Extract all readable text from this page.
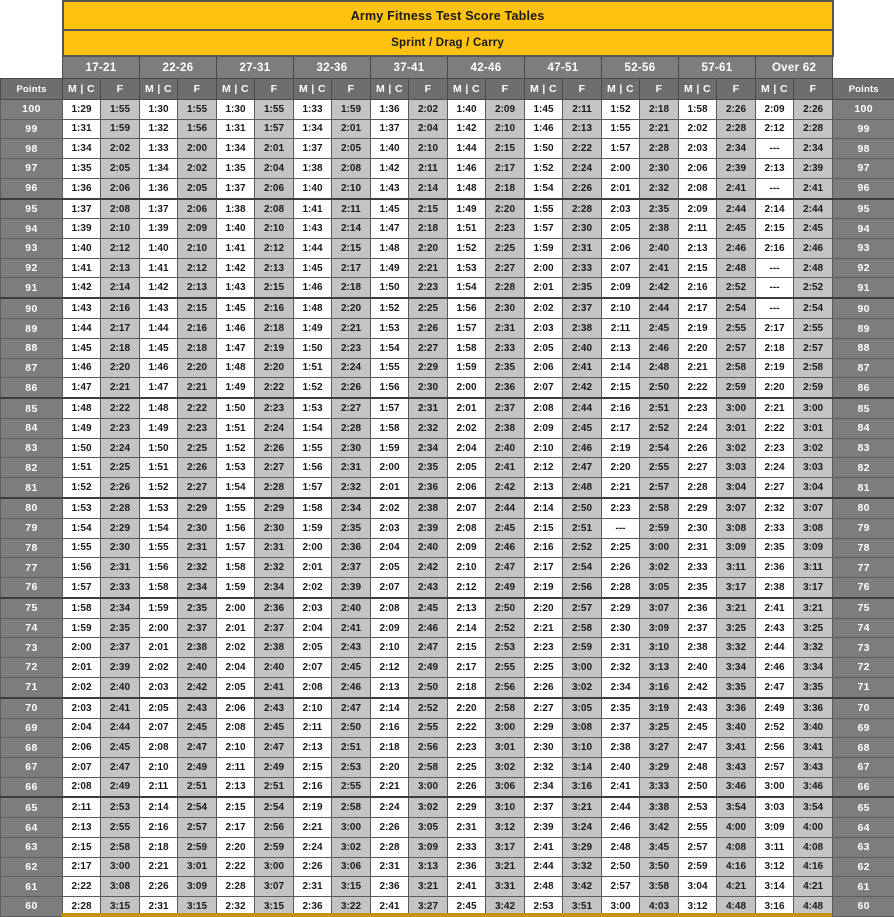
	Army Fitness Test Score Tables																				
	Sprint / Drag / Carry																				
	17-21		22-26		27-31		32-36		37-41		42-46		47-51		52-56		57-61		Over 62		
Points	M | C	F	M | C	F	M | C	F	M | C	F	M | C	F	M | C	F	M | C	F	M | C	F	M | C	F	M | C	F	Points
100	1:29	1:55	1:30	1:55	1:30	1:55	1:33	1:59	1:36	2:02	1:40	2:09	1:45	2:11	1:52	2:18	1:58	2:26	2:09	2:26	100
99	1:31	1:59	1:32	1:56	1:31	1:57	1:34	2:01	1:37	2:04	1:42	2:10	1:46	2:13	1:55	2:21	2:02	2:28	2:12	2:28	99
98	1:34	2:02	1:33	2:00	1:34	2:01	1:37	2:05	1:40	2:10	1:44	2:15	1:50	2:22	1:57	2:28	2:03	2:34	---	2:34	98
97	1:35	2:05	1:34	2:02	1:35	2:04	1:38	2:08	1:42	2:11	1:46	2:17	1:52	2:24	2:00	2:30	2:06	2:39	2:13	2:39	97
96	1:36	2:06	1:36	2:05	1:37	2:06	1:40	2:10	1:43	2:14	1:48	2:18	1:54	2:26	2:01	2:32	2:08	2:41	---	2:41	96
95	1:37	2:08	1:37	2:06	1:38	2:08	1:41	2:11	1:45	2:15	1:49	2:20	1:55	2:28	2:03	2:35	2:09	2:44	2:14	2:44	95
94	1:39	2:10	1:39	2:09	1:40	2:10	1:43	2:14	1:47	2:18	1:51	2:23	1:57	2:30	2:05	2:38	2:11	2:45	2:15	2:45	94
93	1:40	2:12	1:40	2:10	1:41	2:12	1:44	2:15	1:48	2:20	1:52	2:25	1:59	2:31	2:06	2:40	2:13	2:46	2:16	2:46	93
92	1:41	2:13	1:41	2:12	1:42	2:13	1:45	2:17	1:49	2:21	1:53	2:27	2:00	2:33	2:07	2:41	2:15	2:48	---	2:48	92
91	1:42	2:14	1:42	2:13	1:43	2:15	1:46	2:18	1:50	2:23	1:54	2:28	2:01	2:35	2:09	2:42	2:16	2:52	---	2:52	91
90	1:43	2:16	1:43	2:15	1:45	2:16	1:48	2:20	1:52	2:25	1:56	2:30	2:02	2:37	2:10	2:44	2:17	2:54	---	2:54	90
89	1:44	2:17	1:44	2:16	1:46	2:18	1:49	2:21	1:53	2:26	1:57	2:31	2:03	2:38	2:11	2:45	2:19	2:55	2:17	2:55	89
88	1:45	2:18	1:45	2:18	1:47	2:19	1:50	2:23	1:54	2:27	1:58	2:33	2:05	2:40	2:13	2:46	2:20	2:57	2:18	2:57	88
87	1:46	2:20	1:46	2:20	1:48	2:20	1:51	2:24	1:55	2:29	1:59	2:35	2:06	2:41	2:14	2:48	2:21	2:58	2:19	2:58	87
86	1:47	2:21	1:47	2:21	1:49	2:22	1:52	2:26	1:56	2:30	2:00	2:36	2:07	2:42	2:15	2:50	2:22	2:59	2:20	2:59	86
85	1:48	2:22	1:48	2:22	1:50	2:23	1:53	2:27	1:57	2:31	2:01	2:37	2:08	2:44	2:16	2:51	2:23	3:00	2:21	3:00	85
84	1:49	2:23	1:49	2:23	1:51	2:24	1:54	2:28	1:58	2:32	2:02	2:38	2:09	2:45	2:17	2:52	2:24	3:01	2:22	3:01	84
83	1:50	2:24	1:50	2:25	1:52	2:26	1:55	2:30	1:59	2:34	2:04	2:40	2:10	2:46	2:19	2:54	2:26	3:02	2:23	3:02	83
82	1:51	2:25	1:51	2:26	1:53	2:27	1:56	2:31	2:00	2:35	2:05	2:41	2:12	2:47	2:20	2:55	2:27	3:03	2:24	3:03	82
81	1:52	2:26	1:52	2:27	1:54	2:28	1:57	2:32	2:01	2:36	2:06	2:42	2:13	2:48	2:21	2:57	2:28	3:04	2:27	3:04	81
80	1:53	2:28	1:53	2:29	1:55	2:29	1:58	2:34	2:02	2:38	2:07	2:44	2:14	2:50	2:23	2:58	2:29	3:07	2:32	3:07	80
79	1:54	2:29	1:54	2:30	1:56	2:30	1:59	2:35	2:03	2:39	2:08	2:45	2:15	2:51	---	2:59	2:30	3:08	2:33	3:08	79
78	1:55	2:30	1:55	2:31	1:57	2:31	2:00	2:36	2:04	2:40	2:09	2:46	2:16	2:52	2:25	3:00	2:31	3:09	2:35	3:09	78
77	1:56	2:31	1:56	2:32	1:58	2:32	2:01	2:37	2:05	2:42	2:10	2:47	2:17	2:54	2:26	3:02	2:33	3:11	2:36	3:11	77
76	1:57	2:33	1:58	2:34	1:59	2:34	2:02	2:39	2:07	2:43	2:12	2:49	2:19	2:56	2:28	3:05	2:35	3:17	2:38	3:17	76
75	1:58	2:34	1:59	2:35	2:00	2:36	2:03	2:40	2:08	2:45	2:13	2:50	2:20	2:57	2:29	3:07	2:36	3:21	2:41	3:21	75
74	1:59	2:35	2:00	2:37	2:01	2:37	2:04	2:41	2:09	2:46	2:14	2:52	2:21	2:58	2:30	3:09	2:37	3:25	2:43	3:25	74
73	2:00	2:37	2:01	2:38	2:02	2:38	2:05	2:43	2:10	2:47	2:15	2:53	2:23	2:59	2:31	3:10	2:38	3:32	2:44	3:32	73
72	2:01	2:39	2:02	2:40	2:04	2:40	2:07	2:45	2:12	2:49	2:17	2:55	2:25	3:00	2:32	3:13	2:40	3:34	2:46	3:34	72
71	2:02	2:40	2:03	2:42	2:05	2:41	2:08	2:46	2:13	2:50	2:18	2:56	2:26	3:02	2:34	3:16	2:42	3:35	2:47	3:35	71
70	2:03	2:41	2:05	2:43	2:06	2:43	2:10	2:47	2:14	2:52	2:20	2:58	2:27	3:05	2:35	3:19	2:43	3:36	2:49	3:36	70
69	2:04	2:44	2:07	2:45	2:08	2:45	2:11	2:50	2:16	2:55	2:22	3:00	2:29	3:08	2:37	3:25	2:45	3:40	2:52	3:40	69
68	2:06	2:45	2:08	2:47	2:10	2:47	2:13	2:51	2:18	2:56	2:23	3:01	2:30	3:10	2:38	3:27	2:47	3:41	2:56	3:41	68
67	2:07	2:47	2:10	2:49	2:11	2:49	2:15	2:53	2:20	2:58	2:25	3:02	2:32	3:14	2:40	3:29	2:48	3:43	2:57	3:43	67
66	2:08	2:49	2:11	2:51	2:13	2:51	2:16	2:55	2:21	3:00	2:26	3:06	2:34	3:16	2:41	3:33	2:50	3:46	3:00	3:46	66
65	2:11	2:53	2:14	2:54	2:15	2:54	2:19	2:58	2:24	3:02	2:29	3:10	2:37	3:21	2:44	3:38	2:53	3:54	3:03	3:54	65
64	2:13	2:55	2:16	2:57	2:17	2:56	2:21	3:00	2:26	3:05	2:31	3:12	2:39	3:24	2:46	3:42	2:55	4:00	3:09	4:00	64
63	2:15	2:58	2:18	2:59	2:20	2:59	2:24	3:02	2:28	3:09	2:33	3:17	2:41	3:29	2:48	3:45	2:57	4:08	3:11	4:08	63
62	2:17	3:00	2:21	3:01	2:22	3:00	2:26	3:06	2:31	3:13	2:36	3:21	2:44	3:32	2:50	3:50	2:59	4:16	3:12	4:16	62
61	2:22	3:08	2:26	3:09	2:28	3:07	2:31	3:15	2:36	3:21	2:41	3:31	2:48	3:42	2:57	3:58	3:04	4:21	3:14	4:21	61
60	2:28	3:15	2:31	3:15	2:32	3:15	2:36	3:22	2:41	3:27	2:45	3:42	2:53	3:51	3:00	4:03	3:12	4:48	3:16	4:48	60
